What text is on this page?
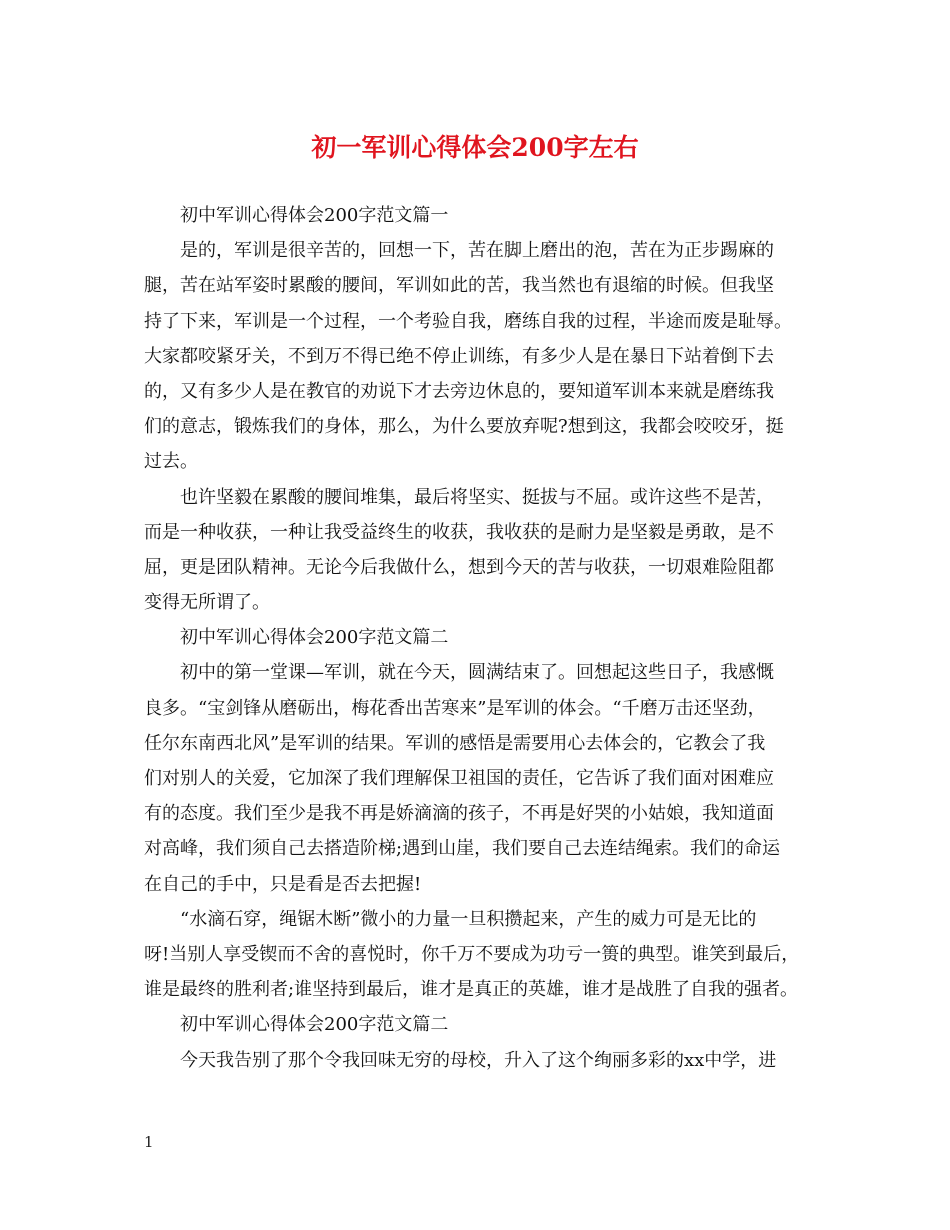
初一军训心得体会200字左右
初中军训心得体会200字范文篇一
是的，军训是很辛苦的，回想一下，苦在脚上磨出的泡，苦在为正步踢麻的
腿，苦在站军姿时累酸的腰间，军训如此的苦，我当然也有退缩的时候。但我坚
持了下来，军训是一个过程，一个考验自我，磨练自我的过程，半途而废是耻辱。
大家都咬紧牙关，不到万不得已绝不停止训练，有多少人是在暴日下站着倒下去
的，又有多少人是在教官的劝说下才去旁边休息的，要知道军训本来就是磨练我
们的意志，锻炼我们的身体，那么，为什么要放弃呢?想到这，我都会咬咬牙，挺
过去。
也许坚毅在累酸的腰间堆集，最后将坚实、挺拔与不屈。或许这些不是苦，
而是一种收获，一种让我受益终生的收获，我收获的是耐力是坚毅是勇敢，是不
屈，更是团队精神。无论今后我做什么，想到今天的苦与收获，一切艰难险阻都
变得无所谓了。
初中军训心得体会200字范文篇二
初中的第一堂课—军训，就在今天，圆满结束了。回想起这些日子，我感慨
良多。“宝剑锋从磨砺出，梅花香出苦寒来”是军训的体会。“千磨万击还坚劲，
任尔东南西北风”是军训的结果。军训的感悟是需要用心去体会的，它教会了我
们对别人的关爱，它加深了我们理解保卫祖国的责任，它告诉了我们面对困难应
有的态度。我们至少是我不再是娇滴滴的孩子，不再是好哭的小姑娘，我知道面
对高峰，我们须自己去搭造阶梯;遇到山崖，我们要自己去连结绳索。我们的命运
在自己的手中，只是看是否去把握!
“水滴石穿，绳锯木断”微小的力量一旦积攒起来，产生的威力可是无比的
呀!当别人享受锲而不舍的喜悦时，你千万不要成为功亏一篑的典型。谁笑到最后，
谁是最终的胜利者;谁坚持到最后，谁才是真正的英雄，谁才是战胜了自我的强者。
初中军训心得体会200字范文篇二
今天我告别了那个令我回味无穷的母校，升入了这个绚丽多彩的xx中学，进
1
